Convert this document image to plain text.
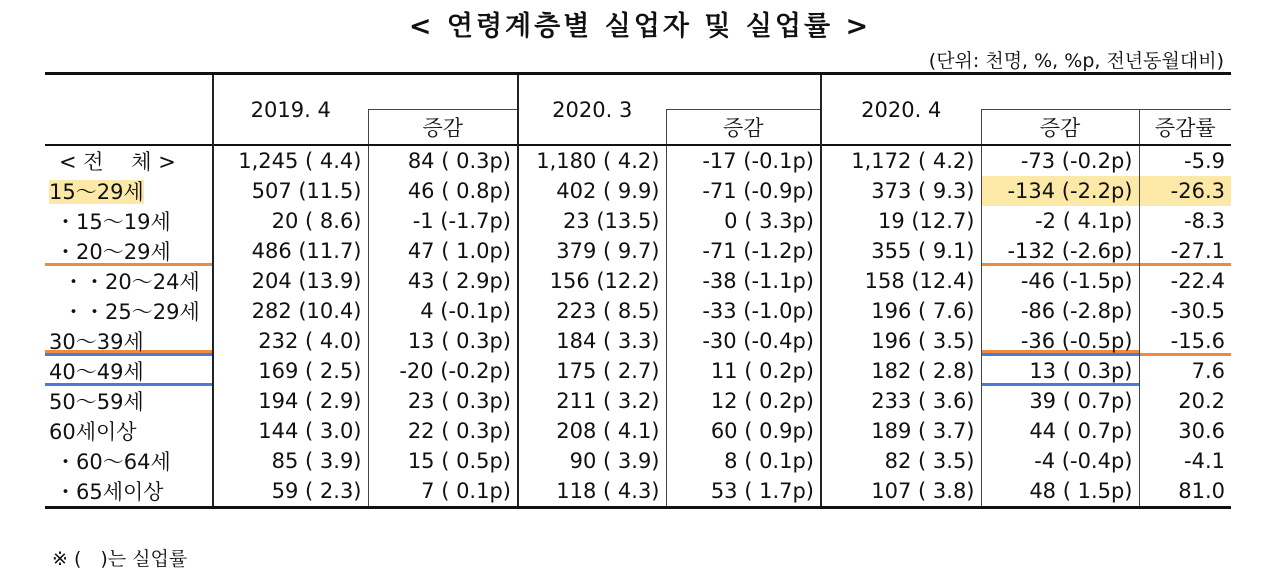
< 연령계층별 실업자 및 실업률 >
(단위: 천명, %, %p, 전년동월대비)
	2019. 4		2020. 3		2020. 4		
		증감		증감		증감	증감률
< 전　 체 >	1,245 ( 4.4)	84 ( 0.3p)	1,180 ( 4.2)	-17 (-0.1p)	1,172 ( 4.2)	-73 (-0.2p)	-5.9
15～29세	507 (11.5)	46 ( 0.8p)	402 ( 9.9)	-71 (-0.9p)	373 ( 9.3)	-134 (-2.2p)	-26.3
・15～19세	20 ( 8.6)	-1 (-1.7p)	23 (13.5)	0 ( 3.3p)	19 (12.7)	-2 ( 4.1p)	-8.3
・20～29세	486 (11.7)	47 ( 1.0p)	379 ( 9.7)	-71 (-1.2p)	355 ( 9.1)	-132 (-2.6p)	-27.1
・・20～24세	204 (13.9)	43 ( 2.9p)	156 (12.2)	-38 (-1.1p)	158 (12.4)	-46 (-1.5p)	-22.4
・・25～29세	282 (10.4)	4 (-0.1p)	223 ( 8.5)	-33 (-1.0p)	196 ( 7.6)	-86 (-2.8p)	-30.5
30～39세	232 ( 4.0)	13 ( 0.3p)	184 ( 3.3)	-30 (-0.4p)	196 ( 3.5)	-36 (-0.5p)	-15.6
40～49세	169 ( 2.5)	-20 (-0.2p)	175 ( 2.7)	11 ( 0.2p)	182 ( 2.8)	13 ( 0.3p)	7.6
50～59세	194 ( 2.9)	23 ( 0.3p)	211 ( 3.2)	12 ( 0.2p)	233 ( 3.6)	39 ( 0.7p)	20.2
60세이상	144 ( 3.0)	22 ( 0.3p)	208 ( 4.1)	60 ( 0.9p)	189 ( 3.7)	44 ( 0.7p)	30.6
・60～64세	85 ( 3.9)	15 ( 0.5p)	90 ( 3.9)	8 ( 0.1p)	82 ( 3.5)	-4 (-0.4p)	-4.1
・65세이상	59 ( 2.3)	7 ( 0.1p)	118 ( 4.3)	53 ( 1.7p)	107 ( 3.8)	48 ( 1.5p)	81.0
※ (　)는 실업률
